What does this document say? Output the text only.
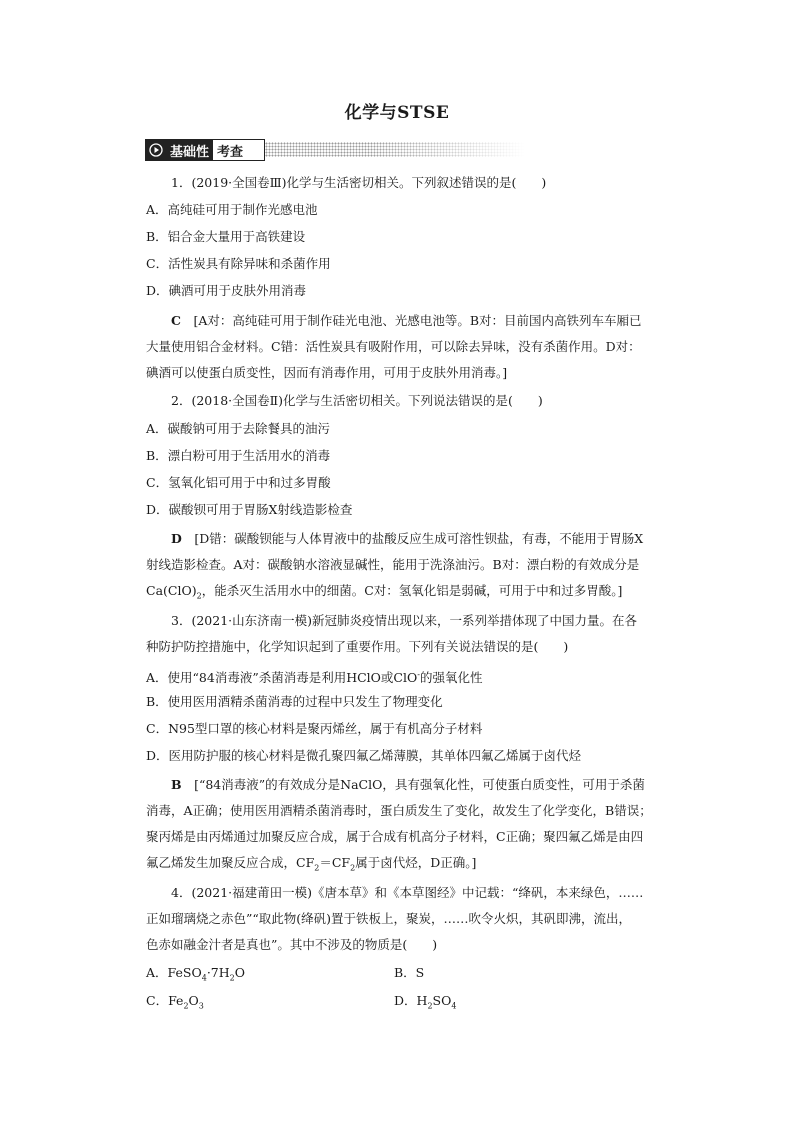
化学与STSE
基础性 考查
1．(2019·全国卷Ⅲ)化学与生活密切相关。下列叙述错误的是(　　)
A．高纯硅可用于制作光感电池
B．铝合金大量用于高铁建设
C．活性炭具有除异味和杀菌作用
D．碘酒可用于皮肤外用消毒
C　[A对：高纯硅可用于制作硅光电池、光感电池等。B对：目前国内高铁列车车厢已
大量使用铝合金材料。C错：活性炭具有吸附作用，可以除去异味，没有杀菌作用。D对：
碘酒可以使蛋白质变性，因而有消毒作用，可用于皮肤外用消毒。]
2．(2018·全国卷Ⅱ)化学与生活密切相关。下列说法错误的是(　　)
A．碳酸钠可用于去除餐具的油污
B．漂白粉可用于生活用水的消毒
C．氢氧化铝可用于中和过多胃酸
D．碳酸钡可用于胃肠X射线造影检查
D　[D错：碳酸钡能与人体胃液中的盐酸反应生成可溶性钡盐，有毒，不能用于胃肠X
射线造影检查。A对：碳酸钠水溶液显碱性，能用于洗涤油污。B对：漂白粉的有效成分是
$Ca(ClO)_2$，能杀灭生活用水中的细菌。C对：氢氧化铝是弱碱，可用于中和过多胃酸。]
3．(2021·山东济南一模)新冠肺炎疫情出现以来，一系列举措体现了中国力量。在各
种防护防控措施中，化学知识起到了重要作用。下列有关说法错误的是(　　)
A．使用“84消毒液”杀菌消毒是利用HClO或ClO-的强氧化性
B．使用医用酒精杀菌消毒的过程中只发生了物理变化
C．N95型口罩的核心材料是聚丙烯丝，属于有机高分子材料
D．医用防护服的核心材料是微孔聚四氟乙烯薄膜，其单体四氟乙烯属于卤代烃
B　[“84消毒液”的有效成分是NaClO，具有强氧化性，可使蛋白质变性，可用于杀菌
消毒，A正确；使用医用酒精杀菌消毒时，蛋白质发生了变化，故发生了化学变化，B错误；
聚丙烯是由丙烯通过加聚反应合成，属于合成有机高分子材料，C正确；聚四氟乙烯是由四
氟乙烯发生加聚反应合成，$CF_2=CF_2$属于卤代烃，D正确。]
4．(2021·福建莆田一模)《唐本草》和《本草图经》中记载：“绛矾，本来绿色，……
正如瑠璃烧之赤色”“取此物(绛矾)置于铁板上，聚炭，……吹令火炽，其矾即沸，流出，
色赤如融金汁者是真也”。其中不涉及的物质是(　　)
A．$FeSO_4\cdot 7H_2O$	B．S
C．$Fe_2O_3$	D．$H_2SO_4$
